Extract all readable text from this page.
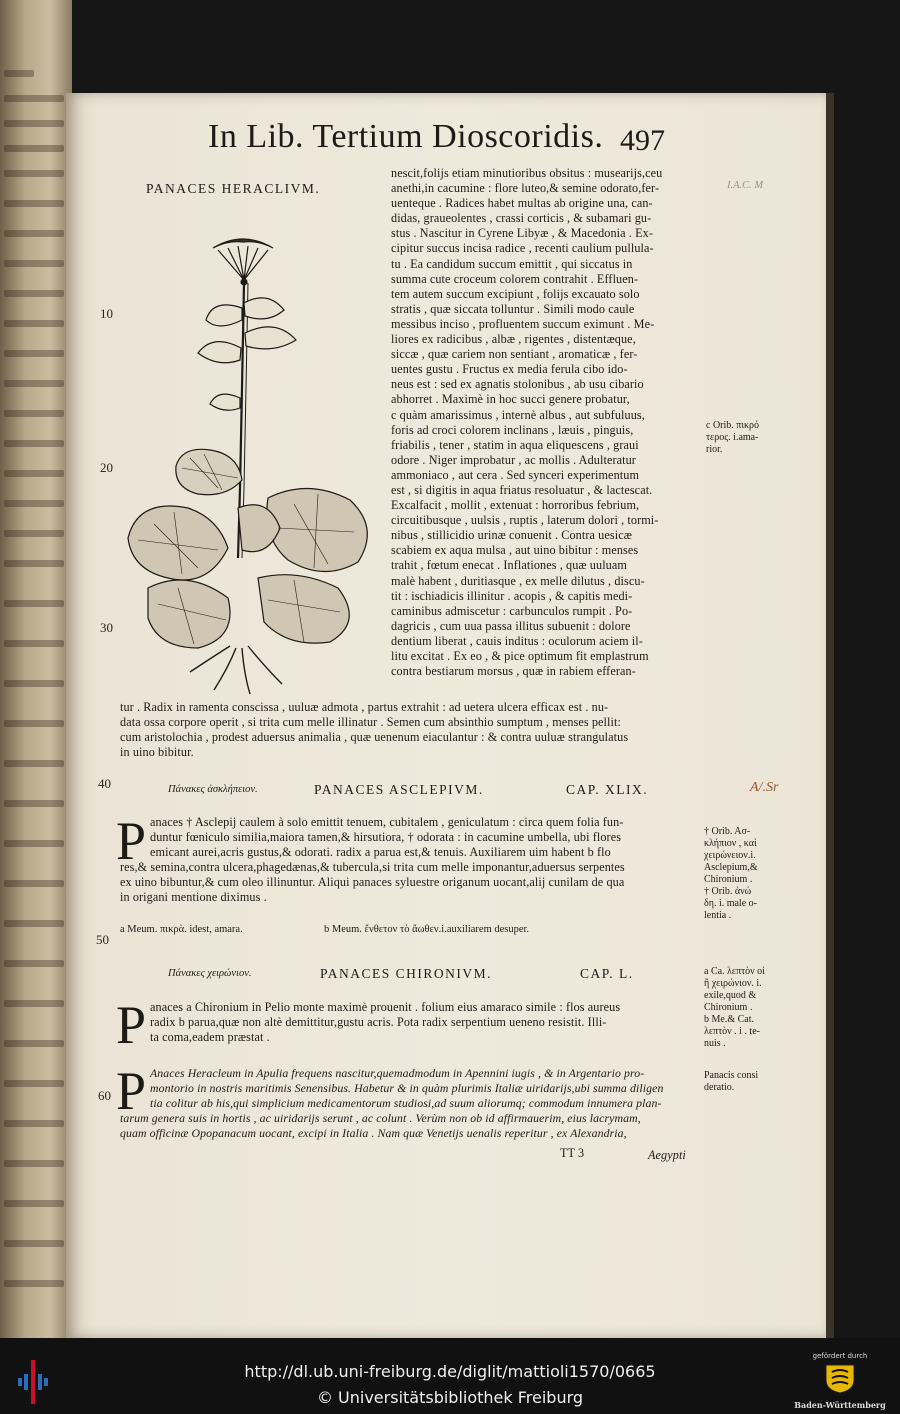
In Lib. Tertium Dioscoridis. 497
I.A.C. M
PANACES HERACLIVM.
nescit,folijs etiam minutioribus obsitus : musearijs,ceu
anethi,in cacumine : flore luteo,& semine odorato,fer-
uenteque . Radices habet multas ab origine una, can-
didas, graueolentes , crassi corticis , & subamari gu-
stus . Nascitur in Cyrene Libyæ , & Macedonia . Ex-
cipitur succus incisa radice , recenti caulium pullula-
tu . Ea candidum succum emittit , qui siccatus in
summa cute croceum colorem contrahit . Effluen-
tem autem succum excipiunt , folijs excauato solo
stratis , quæ siccata tolluntur . Simili modo caule
messibus inciso , profluentem succum eximunt . Me-
liores ex radicibus , albæ , rigentes , distentæque,
siccæ , quæ cariem non sentiant , aromaticæ , fer-
uentes gustu . Fructus ex media ferula cibo ido-
neus est : sed ex agnatis stolonibus , ab usu cibario
abhorret . Maximè in hoc succi genere probatur,
c quàm amarissimus , internè albus , aut subfuluus,
foris ad croci colorem inclinans , læuis , pinguis,
friabilis , tener , statim in aqua eliquescens , graui
odore . Niger improbatur , ac mollis . Adulteratur
ammoniaco , aut cera . Sed synceri experimentum
est , si digitis in aqua friatus resoluatur , & lactescat.
Excalfacit , mollit , extenuat : horroribus febrium,
circuitibusque , uulsis , ruptis , laterum dolori , tormi-
nibus , stillicidio urinæ conuenit . Contra uesicæ
scabiem ex aqua mulsa , aut uino bibitur : menses
trahit , fœtum enecat . Inflationes , quæ uuluam
malè habent , duritiasque , ex melle dilutus , discu-
tit : ischiadicis illinitur . acopis , & capitis medi-
caminibus admiscetur : carbunculos rumpit . Po-
dagricis , cum uua passa illitus subuenit : dolore
dentium liberat , cauis inditus : oculorum aciem il-
litu excitat . Ex eo , & pice optimum fit emplastrum
contra bestiarum morsus , quæ in rabiem efferan-
tur . Radix in ramenta conscissa , uuluæ admota , partus extrahit : ad uetera ulcera efficax est . nu-
data ossa corpore operit , si trita cum melle illinatur . Semen cum absinthio sumptum , menses pellit:
cum aristolochia , prodest aduersus animalia , quæ uenenum eiaculantur : & contra uuluæ strangulatus
in uino bibitur.
Πάνακες ἀσκλήπειον.	PANACES ASCLEPIVM.	CAP. XLIX.
P anaces † Asclepij caulem à solo emittit tenuem, cubitalem , geniculatum : circa quem folia fun-
duntur fœniculo similia,maiora tamen,& hirsutiora, † odorata : in cacumine umbella, ubi flores
emicant aurei,acris gustus,& odorati. radix a parua est,& tenuis. Auxiliarem uim habent b flo
res,& semina,contra ulcera,phagedænas,& tubercula,si trita cum melle imponantur,aduersus serpentes
ex uino bibuntur,& cum oleo illinuntur. Aliqui panaces syluestre origanum uocant,alij cunilam de qua
in origani mentione diximus .
a Meum. πικρὰ. idest, amara.	b Meum. ἔνθετον τὸ ἄωθεν.i.auxiliarem desuper.
Πάνακες χειρώνιον.	PANACES CHIRONIVM.	CAP. L.
P anaces a Chironium in Pelio monte maximè prouenit . folium eius amaraco simile : flos aureus
radix b parua,quæ non altè demittitur,gustu acris. Pota radix serpentium ueneno resistit. Illi-
ta coma,eadem præstat .
P Anaces Heracleum in Apulia frequens nascitur,quemadmodum in Apennini iugis , & in Argentario pro-
montorio in nostris maritimis Senensibus. Habetur & in quàm plurimis Italiæ uiridarijs,ubi summa diligen
tia colitur ab his,qui simplicium medicamentorum studiosi,ad suum aliorumq; commodum innumera plan-
tarum genera suis in hortis , ac uiridarijs serunt , ac colunt . Verùm non ob id affirmauerim, eius lacrymam,
quam officinæ Opopanacum uocant, excipi in Italia . Nam quæ Venetijs uenalis reperitur , ex Alexandria,
TT 3	Aegypti
c Orib. πικρό
τερος. i.ama-
rior.
A/.Sr
† Orib. Aσ-
κλήπιον , καὶ
χειρώνειον.i.
Asclepium,&
Chironium .
† Orib. ἀνώ
δη. i. male o-
lentia .
a Ca. λεπτὸν οἱ
ἢ χειρώνιον. i.
exile,quod &
Chironium .
b Me.& Cat.
λεπτὸν . i . te-
nuis .
Panacis consi
deratio.
10
20
30
40
50
60
http://dl.ub.uni-freiburg.de/diglit/mattioli1570/0665
© Universitätsbibliothek Freiburg
gefördert durch
Baden-Württemberg
